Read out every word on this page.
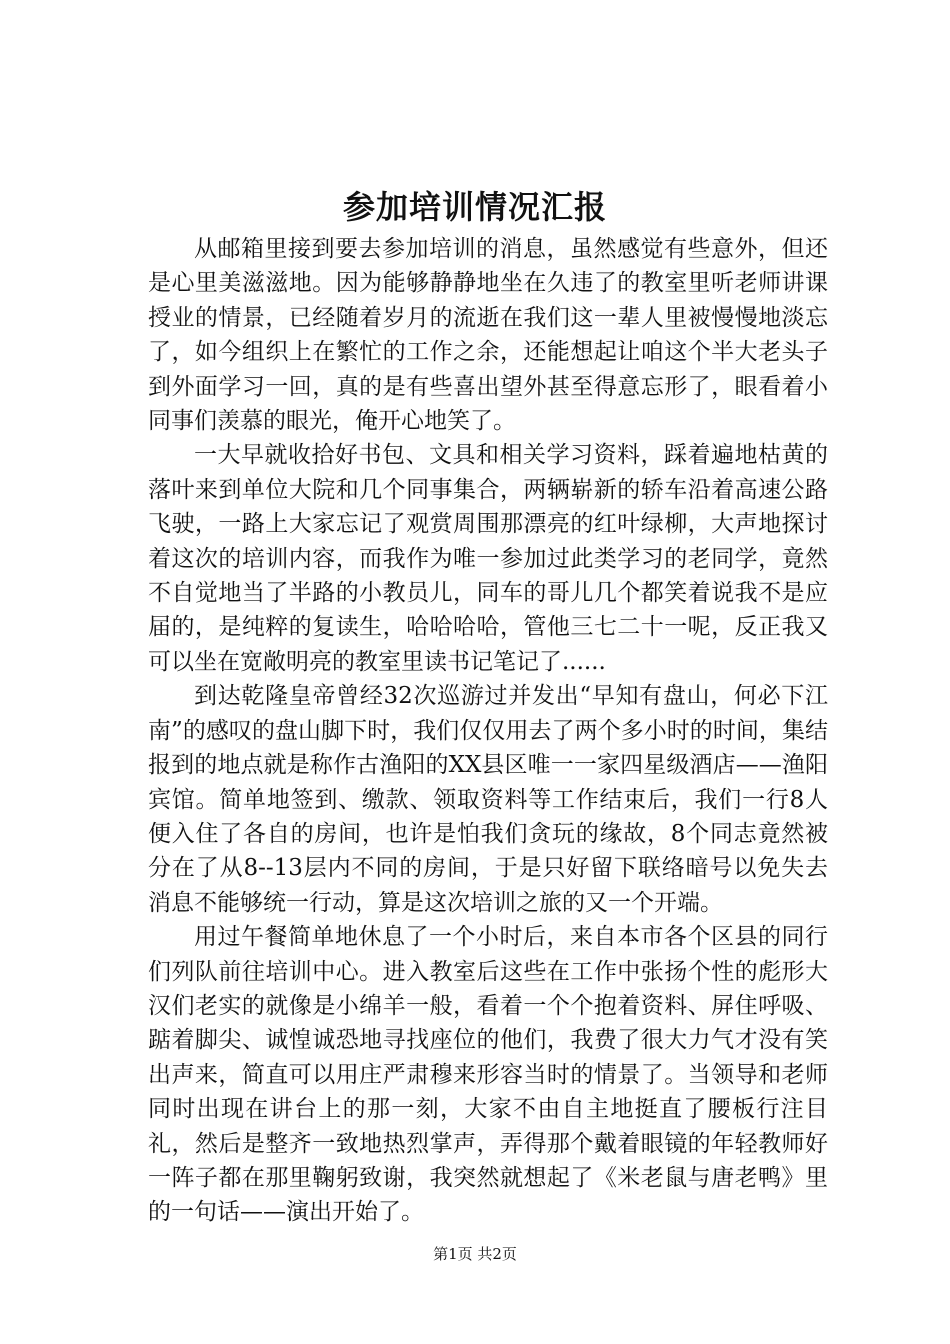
参加培训情况汇报

从邮箱里接到要去参加培训的消息，虽然感觉有些意外，但还是心里美滋滋地。因为能够静静地坐在久违了的教室里听老师讲课授业的情景，已经随着岁月的流逝在我们这一辈人里被慢慢地淡忘了，如今组织上在繁忙的工作之余，还能想起让咱这个半大老头子到外面学习一回，真的是有些喜出望外甚至得意忘形了，眼看着小同事们羡慕的眼光，俺开心地笑了。

一大早就收拾好书包、文具和相关学习资料，踩着遍地枯黄的落叶来到单位大院和几个同事集合，两辆崭新的轿车沿着高速公路飞驶，一路上大家忘记了观赏周围那漂亮的红叶绿柳，大声地探讨着这次的培训内容，而我作为唯一参加过此类学习的老同学，竟然不自觉地当了半路的小教员儿，同车的哥儿几个都笑着说我不是应届的，是纯粹的复读生，哈哈哈哈，管他三七二十一呢，反正我又可以坐在宽敞明亮的教室里读书记笔记了......

到达乾隆皇帝曾经32次巡游过并发出“早知有盘山，何必下江南”的感叹的盘山脚下时，我们仅仅用去了两个多小时的时间，集结报到的地点就是称作古渔阳的XX县区唯一一家四星级酒店——渔阳宾馆。简单地签到、缴款、领取资料等工作结束后，我们一行8人便入住了各自的房间，也许是怕我们贪玩的缘故，8个同志竟然被分在了从8--13层内不同的房间，于是只好留下联络暗号以免失去消息不能够统一行动，算是这次培训之旅的又一个开端。

用过午餐简单地休息了一个小时后，来自本市各个区县的同行们列队前往培训中心。进入教室后这些在工作中张扬个性的彪形大汉们老实的就像是小绵羊一般，看着一个个抱着资料、屏住呼吸、踮着脚尖、诚惶诚恐地寻找座位的他们，我费了很大力气才没有笑出声来，简直可以用庄严肃穆来形容当时的情景了。当领导和老师同时出现在讲台上的那一刻，大家不由自主地挺直了腰板行注目礼，然后是整齐一致地热烈掌声，弄得那个戴着眼镜的年轻教师好一阵子都在那里鞠躬致谢，我突然就想起了《米老鼠与唐老鸭》里的一句话——演出开始了。

第1页 共2页
